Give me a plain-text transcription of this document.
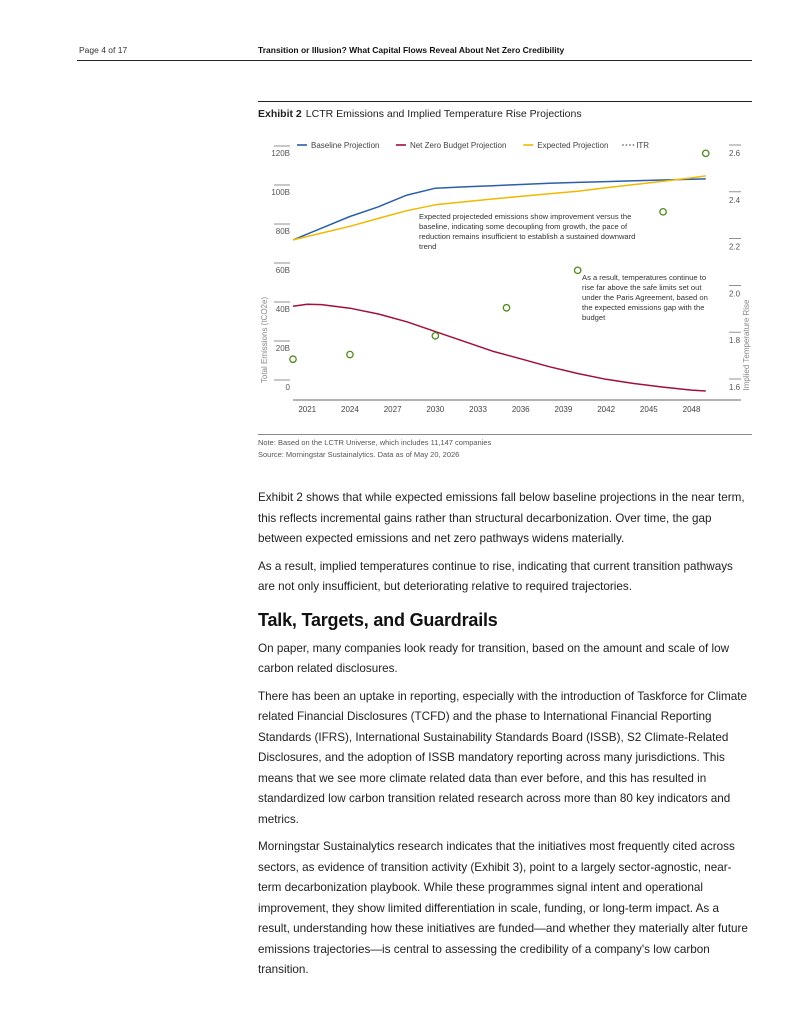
Page 4 of 17	Transition or Illusion? What Capital Flows Reveal About Net Zero Credibility
Exhibit 2 LCTR Emissions and Implied Temperature Rise Projections
0
20B
40B
60B
80B
100B
120B
1.6
1.8
2.0
2.2
2.4
2.6
2021	2024	2027	2030	2033	2036	2039	2042	2045	2048
Total Emissions (tCO2e)	Implied Temperature Rise
Baseline Projection	Net Zero Budget Projection	Expected Projection	ITR
Expected projecteded emissions show improvement versus the
baseline, indicating some decoupling from growth, the pace of
reduction remains insufficient to establish a sustained downward
trend
As a result, temperatures continue to
rise far above the safe limits set out
under the Paris Agreement, based on
the expected emissions gap with the
budget
Note: Based on the LCTR Universe, which includes 11,147 companies
Source: Morningstar Sustainalytics. Data as of May 20, 2026

Exhibit 2 shows that while expected emissions fall below baseline projections in the near term, this reflects incremental gains rather than structural decarbonization. Over time, the gap between expected emissions and net zero pathways widens materially.

As a result, implied temperatures continue to rise, indicating that current transition pathways are not only insufficient, but deteriorating relative to required trajectories.

Talk, Targets, and Guardrails

On paper, many companies look ready for transition, based on the amount and scale of low carbon related disclosures.

There has been an uptake in reporting, especially with the introduction of Taskforce for Climate related Financial Disclosures (TCFD) and the phase to International Financial Reporting Standards (IFRS), International Sustainability Standards Board (ISSB), S2 Climate-Related Disclosures, and the adoption of ISSB mandatory reporting across many jurisdictions. This means that we see more climate related data than ever before, and this has resulted in standardized low carbon transition related research across more than 80 key indicators and metrics.

Morningstar Sustainalytics research indicates that the initiatives most frequently cited across sectors, as evidence of transition activity (Exhibit 3), point to a largely sector-agnostic, near-term decarbonization playbook. While these programmes signal intent and operational improvement, they show limited differentiation in scale, funding, or long-term impact. As a result, understanding how these initiatives are funded—and whether they materially alter future emissions trajectories—is central to assessing the credibility of a company's low carbon transition.
